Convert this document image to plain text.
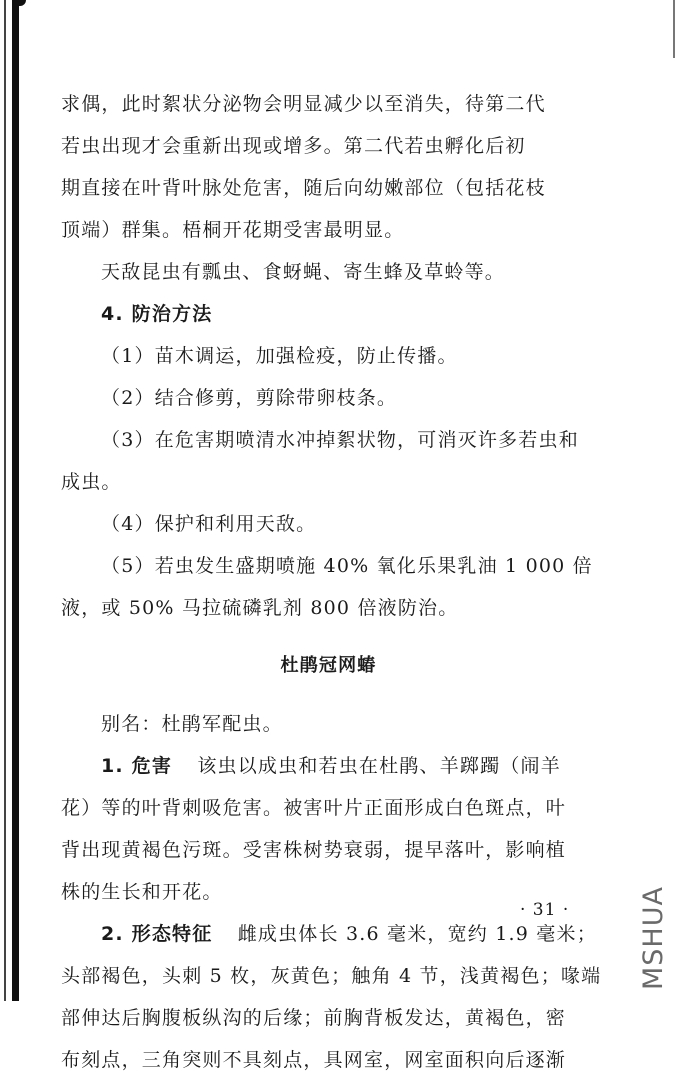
求偶，此时絮状分泌物会明显减少以至消失，待第二代
若虫出现才会重新出现或增多。第二代若虫孵化后初
期直接在叶背叶脉处危害，随后向幼嫩部位（包括花枝
顶端）群集。梧桐开花期受害最明显。
天敌昆虫有瓢虫、食蚜蝇、寄生蜂及草蛉等。
4. 防治方法
（1）苗木调运，加强检疫，防止传播。
（2）结合修剪，剪除带卵枝条。
（3）在危害期喷清水冲掉絮状物，可消灭许多若虫和
成虫。
（4）保护和利用天敌。
（5）若虫发生盛期喷施 40% 氧化乐果乳油 1 000 倍
液，或 50% 马拉硫磷乳剂 800 倍液防治。
杜鹃冠网蝽
别名：杜鹃军配虫。
1. 危害 该虫以成虫和若虫在杜鹃、羊踯躅（闹羊
花）等的叶背刺吸危害。被害叶片正面形成白色斑点，叶
背出现黄褐色污斑。受害株树势衰弱，提早落叶，影响植
株的生长和开花。
2. 形态特征 雌成虫体长 3.6 毫米，宽约 1.9 毫米；
头部褐色，头刺 5 枚，灰黄色；触角 4 节，浅黄褐色；喙端
部伸达后胸腹板纵沟的后缘；前胸背板发达，黄褐色，密
布刻点，三角突则不具刻点，具网室，网室面积向后逐渐
· 31 ·	MSHUA
